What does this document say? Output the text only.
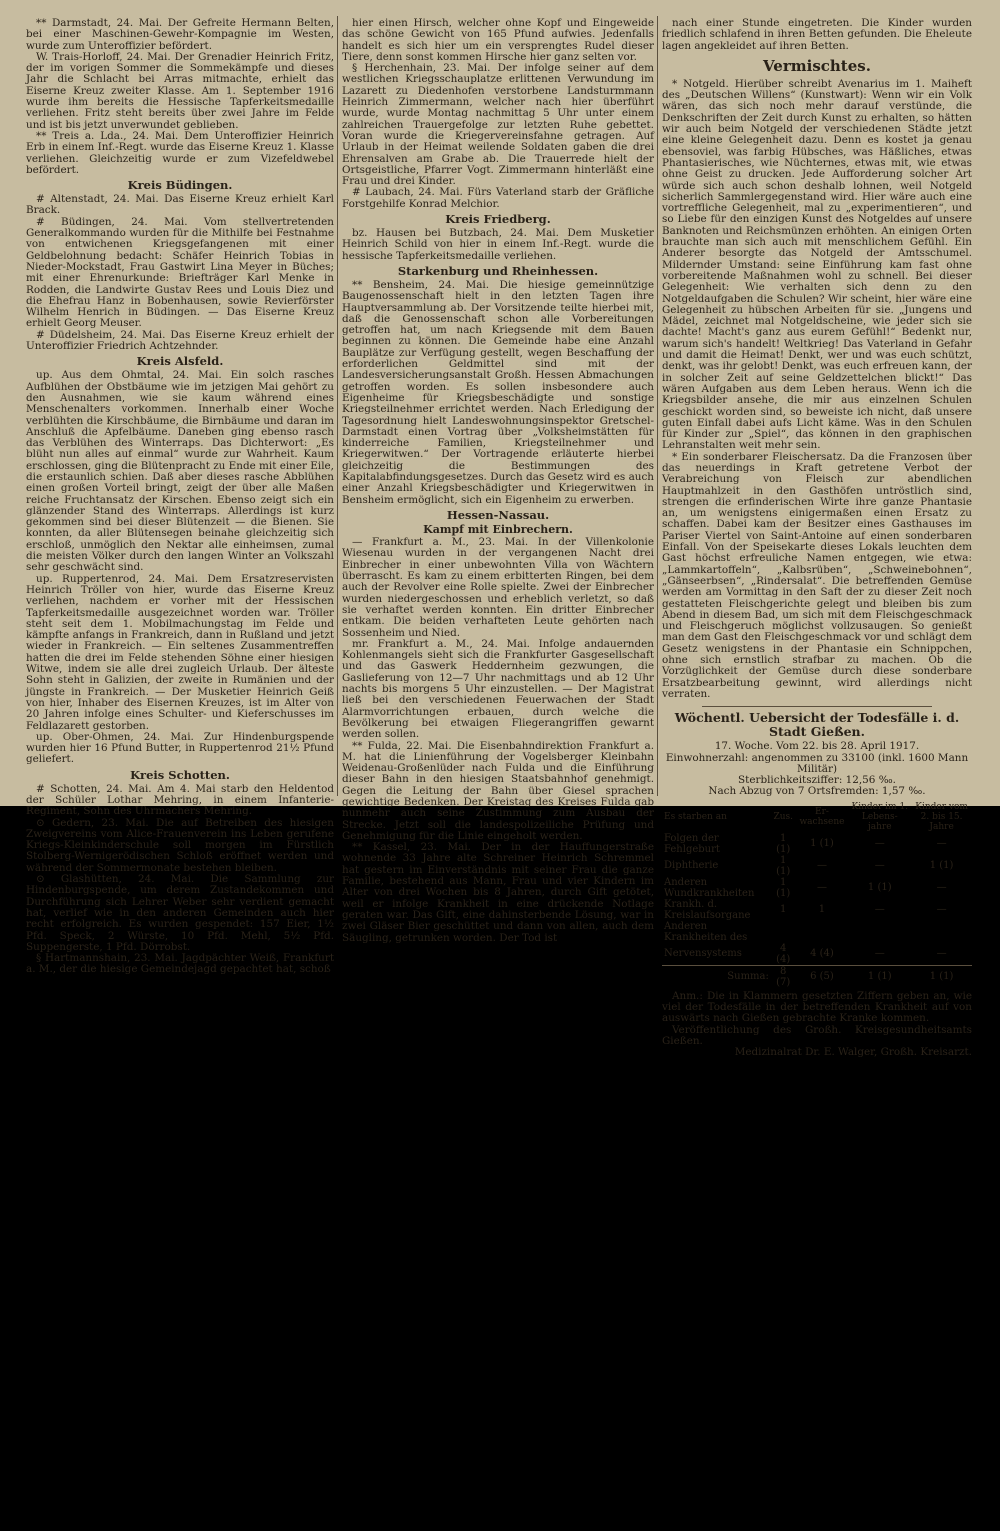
** Darmstadt, 24. Mai. Der Gefreite Hermann Belten, bei einer Maschinen-Gewehr-Kompagnie im Westen, wurde zum Unteroffizier befördert.

W. Trais-Horloff, 24. Mai. Der Grenadier Heinrich Fritz, der im vorigen Sommer die Sommekämpfe und dieses Jahr die Schlacht bei Arras mitmachte, erhielt das Eiserne Kreuz zweiter Klasse. Am 1. September 1916 wurde ihm bereits die Hessische Tapferkeitsmedaille verliehen. Fritz steht bereits über zwei Jahre im Felde und ist bis jetzt unverwundet geblieben.

** Treis a. Lda., 24. Mai. Dem Unteroffizier Heinrich Erb in einem Inf.-Regt. wurde das Eiserne Kreuz 1. Klasse verliehen. Gleichzeitig wurde er zum Vizefeldwebel befördert.

Kreis Büdingen.

# Altenstadt, 24. Mai. Das Eiserne Kreuz erhielt Karl Brack.

# Büdingen, 24. Mai. Vom stellvertretenden Generalkommando wurden für die Mithilfe bei Festnahme von entwichenen Kriegsgefangenen mit einer Geldbelohnung bedacht: Schäfer Heinrich Tobias in Nieder-Mockstadt, Frau Gastwirt Lina Meyer in Büches; mit einer Ehrenurkunde: Briefträger Karl Menke in Rodden, die Landwirte Gustav Rees und Louis Diez und die Ehefrau Hanz in Bobenhausen, sowie Revierförster Wilhelm Henrich in Büdingen. — Das Eiserne Kreuz erhielt Georg Meuser.

# Düdelsheim, 24. Mai. Das Eiserne Kreuz erhielt der Unteroffizier Friedrich Achtzehnder.

Kreis Alsfeld.

up. Aus dem Ohmtal, 24. Mai. Ein solch rasches Aufblühen der Obstbäume wie im jetzigen Mai gehört zu den Ausnahmen, wie sie kaum während eines Menschenalters vorkommen. Innerhalb einer Woche verblühten die Kirschbäume, die Birnbäume und daran im Anschluß die Apfelbäume. Daneben ging ebenso rasch das Verblühen des Winterraps. Das Dichterwort: „Es blüht nun alles auf einmal“ wurde zur Wahrheit. Kaum erschlossen, ging die Blütenpracht zu Ende mit einer Eile, die erstaunlich schien. Daß aber dieses rasche Abblühen einen großen Vorteil bringt, zeigt der über alle Maßen reiche Fruchtansatz der Kirschen. Ebenso zeigt sich ein glänzender Stand des Winterraps. Allerdings ist kurz gekommen sind bei dieser Blütenzeit — die Bienen. Sie konnten, da aller Blütensegen beinahe gleichzeitig sich erschloß, unmöglich den Nektar alle einheimsen, zumal die meisten Völker durch den langen Winter an Volkszahl sehr geschwächt sind.

up. Ruppertenrod, 24. Mai. Dem Ersatzreservisten Heinrich Tröller von hier, wurde das Eiserne Kreuz verliehen, nachdem er vorher mit der Hessischen Tapferkeitsmedaille ausgezeichnet worden war. Tröller steht seit dem 1. Mobilmachungstag im Felde und kämpfte anfangs in Frankreich, dann in Rußland und jetzt wieder in Frankreich. — Ein seltenes Zusammentreffen hatten die drei im Felde stehenden Söhne einer hiesigen Witwe, indem sie alle drei zugleich Urlaub. Der älteste Sohn steht in Galizien, der zweite in Rumänien und der jüngste in Frankreich. — Der Musketier Heinrich Geiß von hier, Inhaber des Eisernen Kreuzes, ist im Alter von 20 Jahren infolge eines Schulter- und Kieferschusses im Feldlazarett gestorben.

up. Ober-Ohmen, 24. Mai. Zur Hindenburgspende wurden hier 16 Pfund Butter, in Ruppertenrod 21½ Pfund geliefert.

Kreis Schotten.

# Schotten, 24. Mai. Am 4. Mai starb den Heldentod der Schüler Lothar Mehring, in einem Infanterie-Regiment, Sohn des Uhrmachers Mehring.

⊙ Gedern, 23. Mai. Die auf Betreiben des hiesigen Zweigvereins vom Alice-Frauenverein ins Leben gerufene Kriegs-Kleinkinderschule soll morgen im Fürstlich Stolberg-Wernigerödischen Schloß eröffnet werden und während der Sommermonate bestehen bleiben.

⊙ Glashütten, 24. Mai. Die Sammlung zur Hindenburgspende, um derem Zustandekommen und Durchführung sich Lehrer Weber sehr verdient gemacht hat, verlief wie in den anderen Gemeinden auch hier recht erfolgreich. Es wurden gespendet: 157 Eier, 1½ Pfd. Speck, 2 Würste, 10 Pfd. Mehl, 5½ Pfd. Suppengerste, 1 Pfd. Dörrobst.

§ Hartmannshain, 23. Mai. Jagdpächter Weiß, Frankfurt a. M., der die hiesige Gemeindejagd gepachtet hat, schoß

hier einen Hirsch, welcher ohne Kopf und Eingeweide das schöne Gewicht von 165 Pfund aufwies. Jedenfalls handelt es sich hier um ein versprengtes Rudel dieser Tiere, denn sonst kommen Hirsche hier ganz selten vor.

§ Herchenhain, 23. Mai. Der infolge seiner auf dem westlichen Kriegsschauplatze erlittenen Verwundung im Lazarett zu Diedenhofen verstorbene Landsturmmann Heinrich Zimmermann, welcher nach hier überführt wurde, wurde Montag nachmittag 5 Uhr unter einem zahlreichen Trauergefolge zur letzten Ruhe gebettet. Voran wurde die Kriegervereinsfahne getragen. Auf Urlaub in der Heimat weilende Soldaten gaben die drei Ehrensalven am Grabe ab. Die Trauerrede hielt der Ortsgeistliche, Pfarrer Vogt. Zimmermann hinterläßt eine Frau und drei Kinder.

# Laubach, 24. Mai. Fürs Vaterland starb der Gräfliche Forstgehilfe Konrad Melchior.

Kreis Friedberg.

bz. Hausen bei Butzbach, 24. Mai. Dem Musketier Heinrich Schild von hier in einem Inf.-Regt. wurde die hessische Tapferkeitsmedaille verliehen.

Starkenburg und Rheinhessen.

** Bensheim, 24. Mai. Die hiesige gemeinnützige Baugenossenschaft hielt in den letzten Tagen ihre Hauptversammlung ab. Der Vorsitzende teilte hierbei mit, daß die Genossenschaft schon alle Vorbereitungen getroffen hat, um nach Kriegsende mit dem Bauen beginnen zu können. Die Gemeinde habe eine Anzahl Bauplätze zur Verfügung gestellt, wegen Beschaffung der erforderlichen Geldmittel sind mit der Landesversicherungsanstalt Großh. Hessen Abmachungen getroffen worden. Es sollen insbesondere auch Eigenheime für Kriegsbeschädigte und sonstige Kriegsteilnehmer errichtet werden. Nach Erledigung der Tagesordnung hielt Landeswohnungsinspektor Gretschel-Darmstadt einen Vortrag über „Volksheimstätten für kinderreiche Familien, Kriegsteilnehmer und Kriegerwitwen.“ Der Vortragende erläuterte hierbei gleichzeitig die Bestimmungen des Kapitalabfindungsgesetzes. Durch das Gesetz wird es auch einer Anzahl Kriegsbeschädigter und Kriegerwitwen in Bensheim ermöglicht, sich ein Eigenheim zu erwerben.

Hessen-Nassau.
Kampf mit Einbrechern.

— Frankfurt a. M., 23. Mai. In der Villenkolonie Wiesenau wurden in der vergangenen Nacht drei Einbrecher in einer unbewohnten Villa von Wächtern überrascht. Es kam zu einem erbitterten Ringen, bei dem auch der Revolver eine Rolle spielte. Zwei der Einbrecher wurden niedergeschossen und erheblich verletzt, so daß sie verhaftet werden konnten. Ein dritter Einbrecher entkam. Die beiden verhafteten Leute gehörten nach Sossenheim und Nied.

mr. Frankfurt a. M., 24. Mai. Infolge andauernden Kohlenmangels sieht sich die Frankfurter Gasgesellschaft und das Gaswerk Heddernheim gezwungen, die Gaslieferung von 12—7 Uhr nachmittags und ab 12 Uhr nachts bis morgens 5 Uhr einzustellen. — Der Magistrat ließ bei den verschiedenen Feuerwachen der Stadt Alarmvorrichtungen erbauen, durch welche die Bevölkerung bei etwaigen Fliegerangriffen gewarnt werden sollen.

** Fulda, 22. Mai. Die Eisenbahndirektion Frankfurt a. M. hat die Linienführung der Vogelsberger Kleinbahn Weidenau-Großenlüder nach Fulda und die Einführung dieser Bahn in den hiesigen Staatsbahnhof genehmigt. Gegen die Leitung der Bahn über Giesel sprachen gewichtige Bedenken. Der Kreistag des Kreises Fulda gab nunmehr auch seine Zustimmung zum Ausbau der Strecke. Jetzt soll die landespolizeiliche Prüfung und Genehmigung für die Linie eingeholt werden.

** Kassel, 23. Mai. Der in der Hauffungerstraße wohnende 33 Jahre alte Schreiner Heinrich Schremmel hat gestern im Einverständnis mit seiner Frau die ganze Familie, bestehend aus Mann, Frau und vier Kindern im Alter von drei Wochen bis 8 Jahren, durch Gift getötet, weil er infolge Krankheit in eine drückende Notlage geraten war. Das Gift, eine dahinsterbende Lösung, war in zwei Gläser Bier geschüttet und dann von allen, auch dem Säugling, getrunken worden. Der Tod ist

nach einer Stunde eingetreten. Die Kinder wurden friedlich schlafend in ihren Betten gefunden. Die Eheleute lagen angekleidet auf ihren Betten.

Vermischtes.

* Notgeld. Hierüber schreibt Avenarius im 1. Maiheft des „Deutschen Willens“ (Kunstwart): Wenn wir ein Volk wären, das sich noch mehr darauf verstünde, die Denkschriften der Zeit durch Kunst zu erhalten, so hätten wir auch beim Notgeld der verschiedenen Städte jetzt eine kleine Gelegenheit dazu. Denn es kostet ja genau ebensoviel, was farbig Hübsches, was Häßliches, etwas Phantasierisches, wie Nüchternes, etwas mit, wie etwas ohne Geist zu drucken. Jede Aufforderung solcher Art würde sich auch schon deshalb lohnen, weil Notgeld sicherlich Sammlergegenstand wird. Hier wäre auch eine vortreffliche Gelegenheit, mal zu „experimentieren“, und so Liebe für den einzigen Kunst des Notgeldes auf unsere Banknoten und Reichsmünzen erhöhten. An einigen Orten brauchte man sich auch mit menschlichem Gefühl. Ein Anderer besorgte das Notgeld der Amtsschumel. Mildernder Umstand: seine Einführung kam fast ohne vorbereitende Maßnahmen wohl zu schnell. Bei dieser Gelegenheit: Wie verhalten sich denn zu den Notgeldaufgaben die Schulen? Wir scheint, hier wäre eine Gelegenheit zu hübschen Arbeiten für sie. „Jungens und Mädel, zeichnet mal Notgeldscheine, wie jeder sich sie dachte! Macht's ganz aus eurem Gefühl!“ Bedenkt nur, warum sich's handelt! Weltkrieg! Das Vaterland in Gefahr und damit die Heimat! Denkt, wer und was euch schützt, denkt, was ihr gelobt! Denkt, was euch erfreuen kann, der in solcher Zeit auf seine Geldzettelchen blickt!“ Das wären Aufgaben aus dem Leben heraus. Wenn ich die Kriegsbilder ansehe, die mir aus einzelnen Schulen geschickt worden sind, so beweiste ich nicht, daß unsere guten Einfall dabei aufs Licht käme. Was in den Schulen für Kinder zur „Spiel“, das können in den graphischen Lehranstalten weit mehr sein.

* Ein sonderbarer Fleischersatz. Da die Franzosen über das neuerdings in Kraft getretene Verbot der Verabreichung von Fleisch zur abendlichen Hauptmahlzeit in den Gasthöfen untröstlich sind, strengen die erfinderischen Wirte ihre ganze Phantasie an, um wenigstens einigermaßen einen Ersatz zu schaffen. Dabei kam der Besitzer eines Gasthauses im Pariser Viertel von Saint-Antoine auf einen sonderbaren Einfall. Von der Speisekarte dieses Lokals leuchten dem Gast höchst erfreuliche Namen entgegen, wie etwa: „Lammkartoffeln“, „Kalbsrüben“, „Schweinebohnen“, „Gänseerbsen“, „Rindersalat“. Die betreffenden Gemüse werden am Vormittag in den Saft der zu dieser Zeit noch gestatteten Fleischgerichte gelegt und bleiben bis zum Abend in diesem Bad, um sich mit dem Fleischgeschmack und Fleischgeruch möglichst vollzusaugen. So genießt man dem Gast den Fleischgeschmack vor und schlägt dem Gesetz wenigstens in der Phantasie ein Schnippchen, ohne sich ernstlich strafbar zu machen. Ob die Vorzüglichkeit der Gemüse durch diese sonderbare Ersatzbearbeitung gewinnt, wird allerdings nicht verraten.

Wöchentl. Uebersicht der Todesfälle i. d. Stadt Gießen.

17. Woche. Vom 22. bis 28. April 1917.

Einwohnerzahl: angenommen zu 33100 (inkl. 1600 Mann Militär)

Sterblichkeitsziffer: 12,56 ‰.

Nach Abzug von 7 Ortsfremden: 1,57 ‰.

Es starben an	Zus.	Er-wachsene	Kinder im 1. Lebens-jahre	Kinder vom 2. bis 15. Jahre
Folgen der Fehlgeburt	1 (1)	1 (1)	—	—
Diphtherie	1 (1)	—	—	1 (1)
Anderen Wundkrankheiten	1 (1)	—	1 (1)	—
Krankh. d. Kreislaufsorgane	1	1	—	—
Anderen Krankheiten des				
Nervensystems	4 (4)	4 (4)	—	—
Summa:	8 (7)	6 (5)	1 (1)	1 (1)

Anm.: Die in Klammern gesetzten Ziffern geben an, wie viel der Todesfälle in der betreffenden Krankheit auf von auswärts nach Gießen gebrachte Kranke kommen.

Veröffentlichung des Großh. Kreisgesundheitsamts Gießen.

Medizinalrat Dr. E. Walger, Großh. Kreisarzt.
